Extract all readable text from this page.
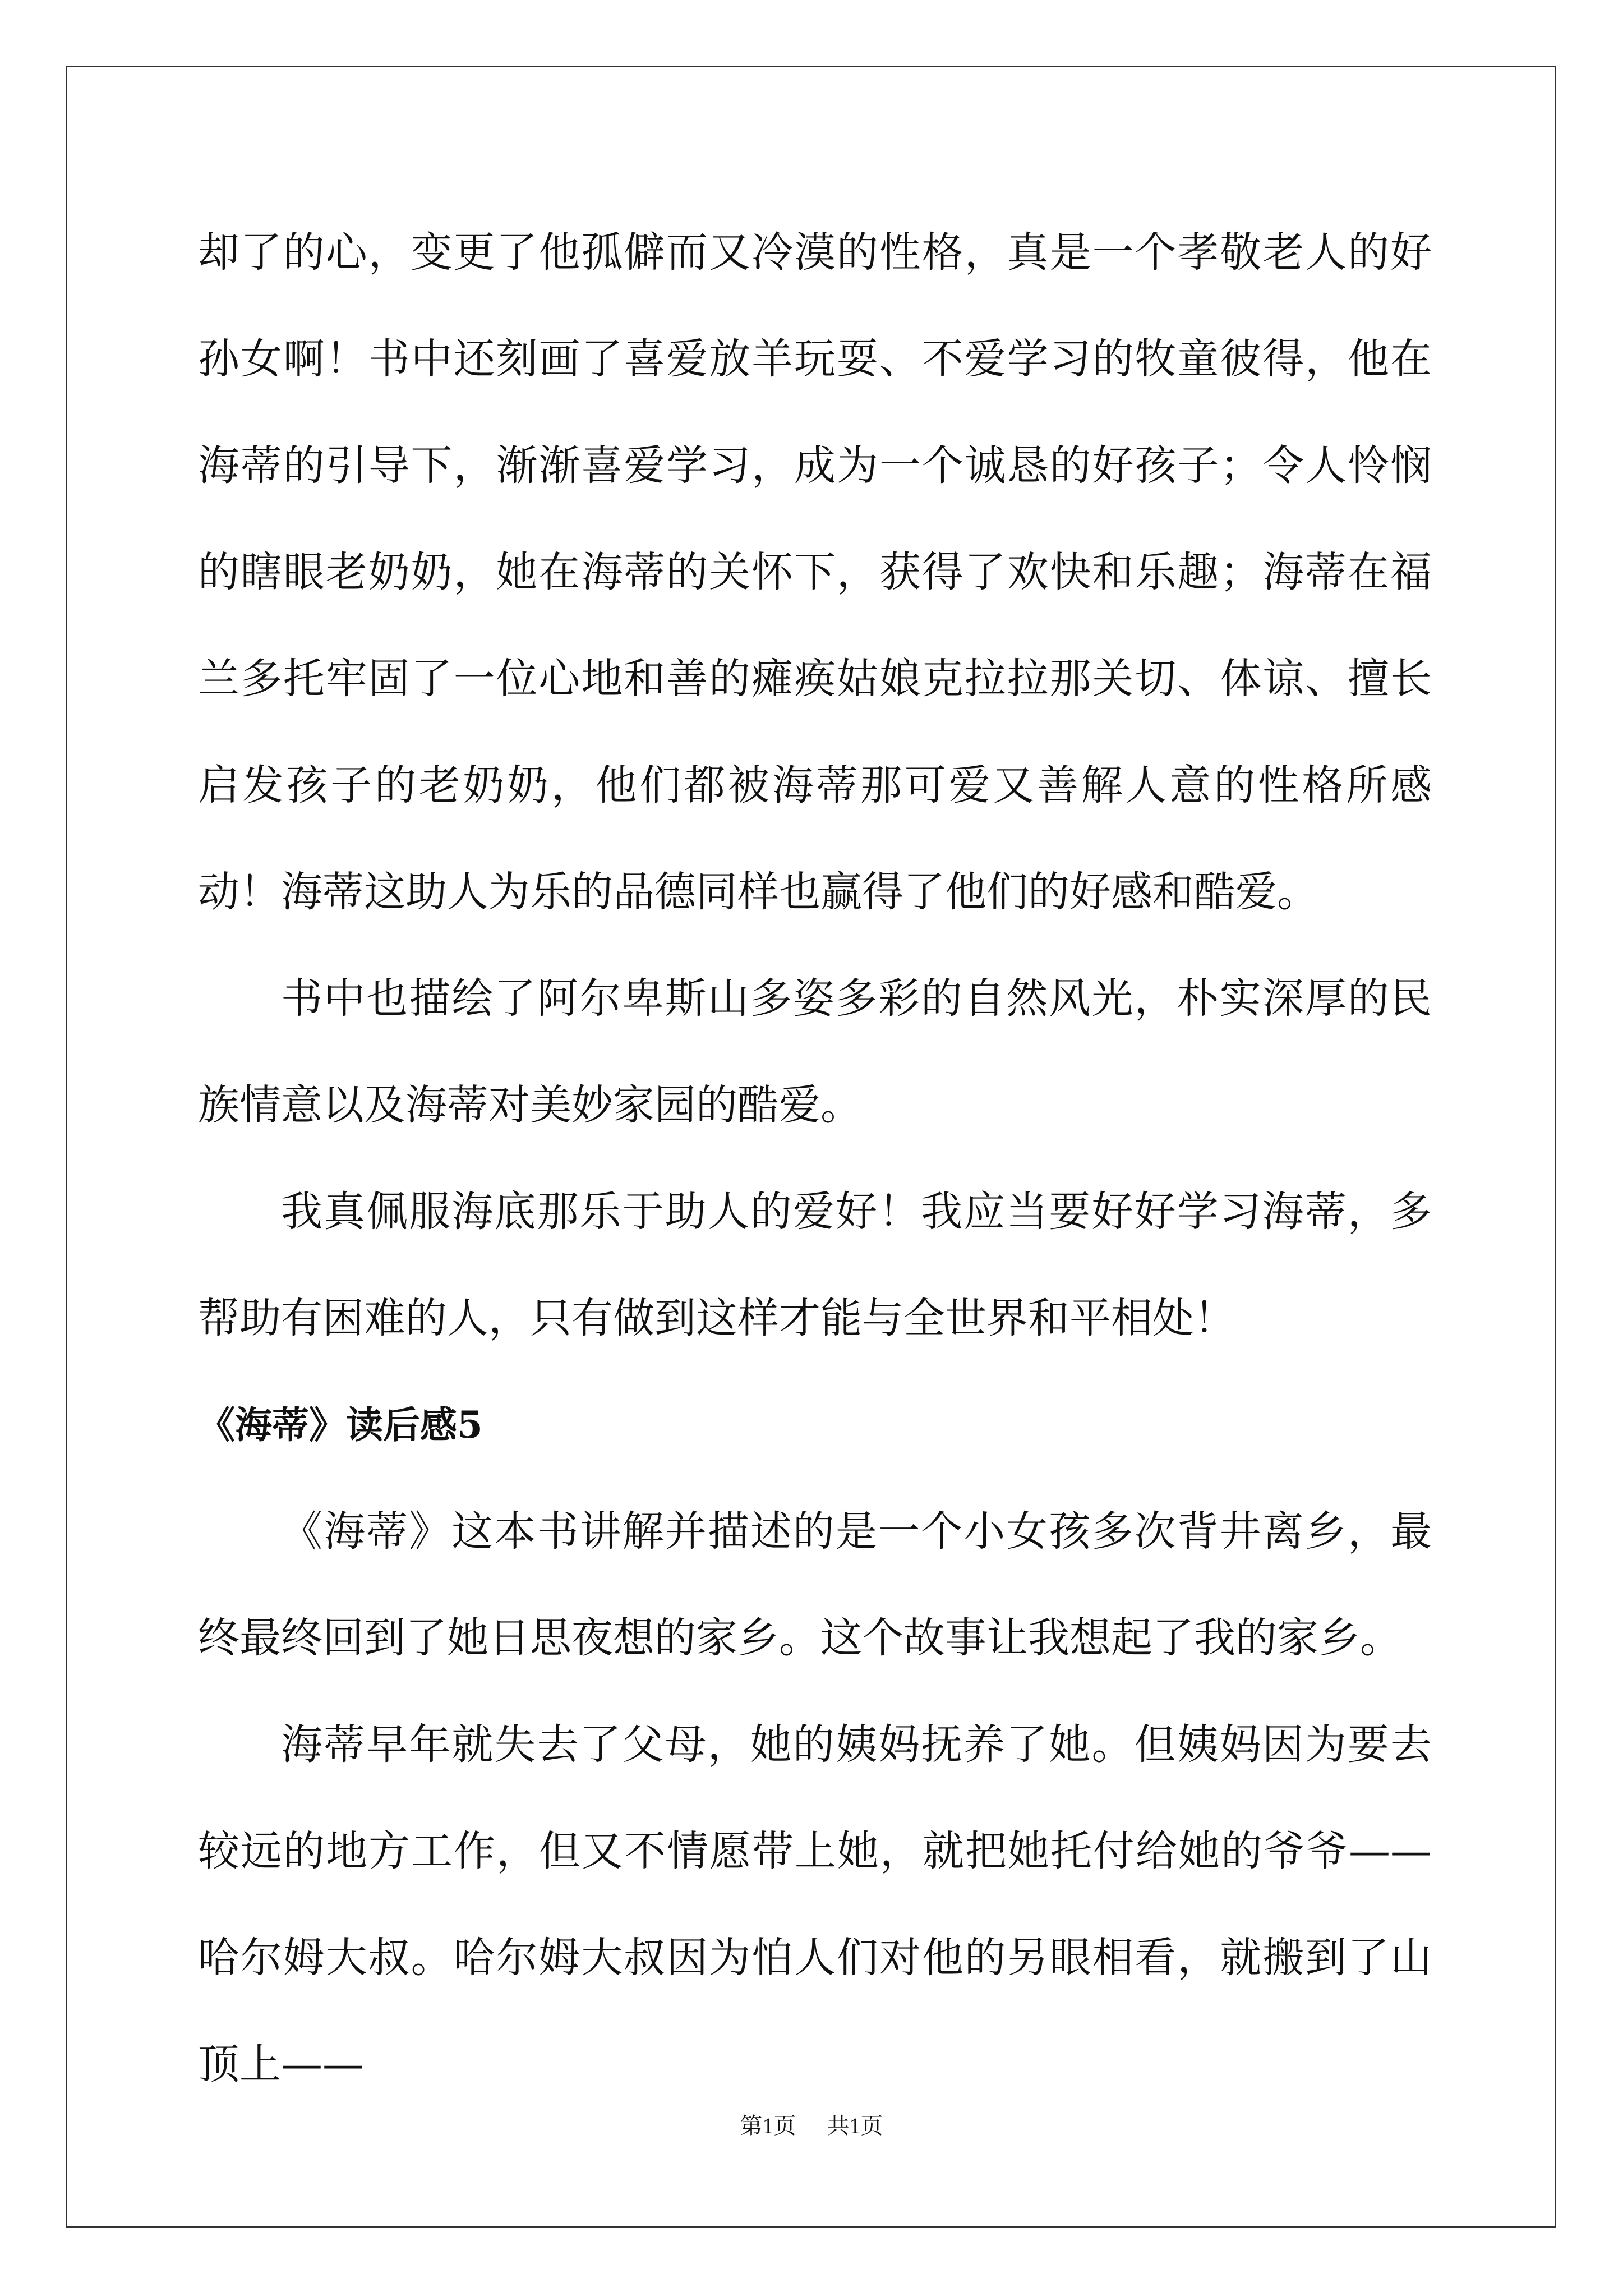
却了的心，变更了他孤僻而又冷漠的性格，真是一个孝敬老人的好孙女啊！书中还刻画了喜爱放羊玩耍、不爱学习的牧童彼得，他在海蒂的引导下，渐渐喜爱学习，成为一个诚恳的好孩子；令人怜悯的瞎眼老奶奶，她在海蒂的关怀下，获得了欢快和乐趣；海蒂在福兰多托牢固了一位心地和善的瘫痪姑娘克拉拉那关切、体谅、擅长启发孩子的老奶奶，他们都被海蒂那可爱又善解人意的性格所感动！海蒂这助人为乐的品德同样也赢得了他们的好感和酷爱。

书中也描绘了阿尔卑斯山多姿多彩的自然风光，朴实深厚的民族情意以及海蒂对美妙家园的酷爱。

我真佩服海底那乐于助人的爱好！我应当要好好学习海蒂，多帮助有困难的人，只有做到这样才能与全世界和平相处！

《海蒂》读后感5

《海蒂》这本书讲解并描述的是一个小女孩多次背井离乡，最终最终回到了她日思夜想的家乡。这个故事让我想起了我的家乡。

海蒂早年就失去了父母，她的姨妈抚养了她。但姨妈因为要去较远的地方工作，但又不情愿带上她，就把她托付给她的爷爷——哈尔姆大叔。哈尔姆大叔因为怕人们对他的另眼相看，就搬到了山顶上——

第1页 共1页
